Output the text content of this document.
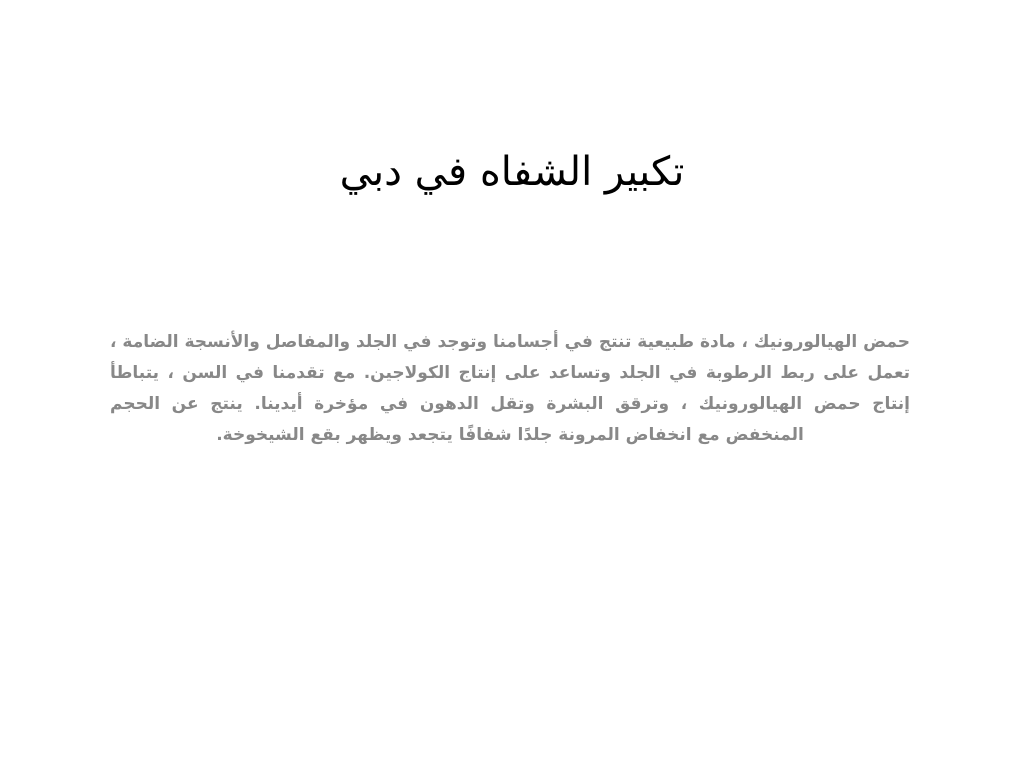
تكبير الشفاه في دبي

حمض الهيالورونيك ، مادة طبيعية تنتج في أجسامنا وتوجد في الجلد والمفاصل والأنسجة الضامة ، تعمل على ربط الرطوبة في الجلد وتساعد على إنتاج الكولاجين. مع تقدمنا في السن ، يتباطأ إنتاج حمض الهيالورونيك ، وترقق البشرة وتقل الدهون في مؤخرة أيدينا. ينتج عن الحجم المنخفض مع انخفاض المرونة جلدًا شفافًا يتجعد ويظهر بقع الشيخوخة.
